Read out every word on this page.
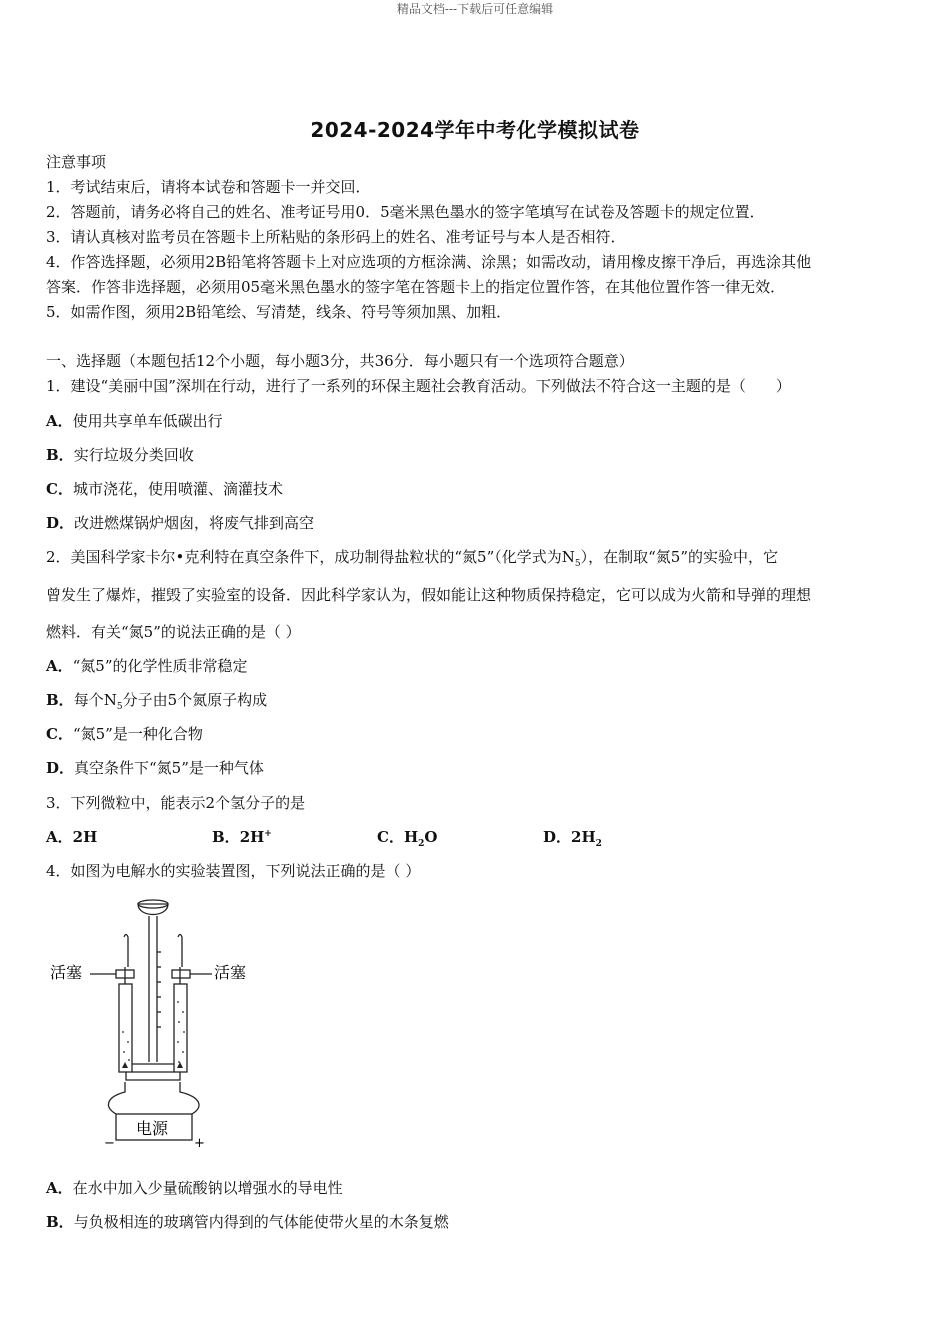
精品文档---下载后可任意编辑
2024-2024学年中考化学模拟试卷
注意事项
1．考试结束后，请将本试卷和答题卡一并交回．
2．答题前，请务必将自己的姓名、准考证号用0．5毫米黑色墨水的签字笔填写在试卷及答题卡的规定位置．
3．请认真核对监考员在答题卡上所粘贴的条形码上的姓名、准考证号与本人是否相符．
4．作答选择题，必须用2B铅笔将答题卡上对应选项的方框涂满、涂黑；如需改动，请用橡皮擦干净后，再选涂其他
答案．作答非选择题，必须用05毫米黑色墨水的签字笔在答题卡上的指定位置作答，在其他位置作答一律无效．
5．如需作图，须用2B铅笔绘、写清楚，线条、符号等须加黑、加粗．
一、选择题（本题包括12个小题，每小题3分，共36分．每小题只有一个选项符合题意）
1．建设“美丽中国”深圳在行动，进行了一系列的环保主题社会教育活动。下列做法不符合这一主题的是（　　）
A．使用共享单车低碳出行
B．实行垃圾分类回收
C．城市浇花，使用喷灌、滴灌技术
D．改进燃煤锅炉烟囱，将废气排到高空
2．美国科学家卡尔•克利特在真空条件下，成功制得盐粒状的“氮5”（化学式为$N_5$），在制取“氮5”的实验中，它
曾发生了爆炸，摧毁了实验室的设备．因此科学家认为，假如能让这种物质保持稳定，它可以成为火箭和导弹的理想
燃料．有关“氮5”的说法正确的是（ ）
A．“氮5”的化学性质非常稳定
B．每个$N_5$分子由5个氮原子构成
C．“氮5”是一种化合物
D．真空条件下“氮5”是一种气体
3．下列微粒中，能表示2个氢分子的是
A．2H	B．2H+	C．$H_2O$	D．$2H_2$
4．如图为电解水的实验装置图，下列说法正确的是（ ）
活塞	活塞
电源
−	+
A．在水中加入少量硫酸钠以增强水的导电性
B．与负极相连的玻璃管内得到的气体能使带火星的木条复燃
